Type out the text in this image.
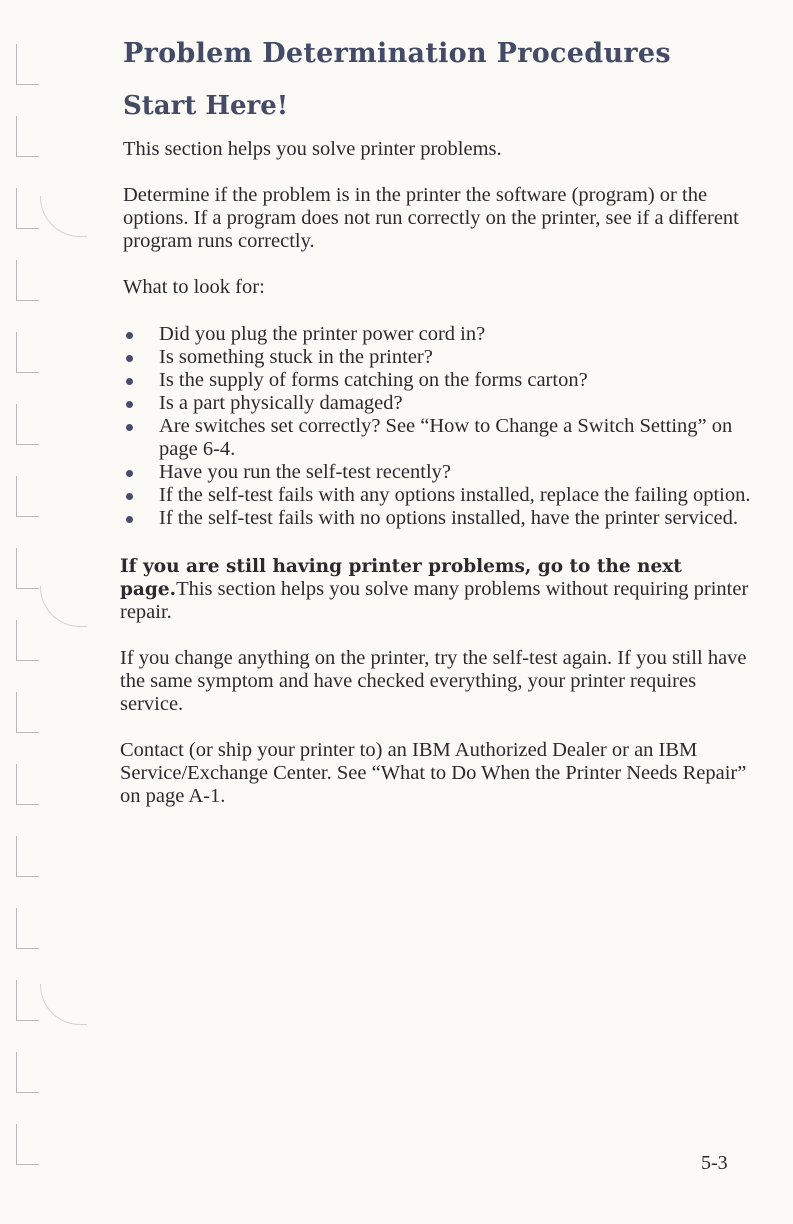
Problem Determination Procedures
Start Here!

This section helps you solve printer problems.

Determine if the problem is in the printer the software (program) or the options. If a program does not run correctly on the printer, see if a different program runs correctly.

What to look for:

Did you plug the printer power cord in?
Is something stuck in the printer?
Is the supply of forms catching on the forms carton?
Is a part physically damaged?
Are switches set correctly? See “How to Change a Switch Setting” on page 6-4.
Have you run the self-test recently?
If the self-test fails with any options installed, replace the failing option.
If the self-test fails with no options installed, have the printer serviced.

If you are still having printer problems, go to the next page.This section helps you solve many problems without requiring printer repair.

If you change anything on the printer, try the self-test again. If you still have the same symptom and have checked everything, your printer requires service.

Contact (or ship your printer to) an IBM Authorized Dealer or an IBM Service/Exchange Center. See “What to Do When the Printer Needs Repair” on page A-1.

5-3
